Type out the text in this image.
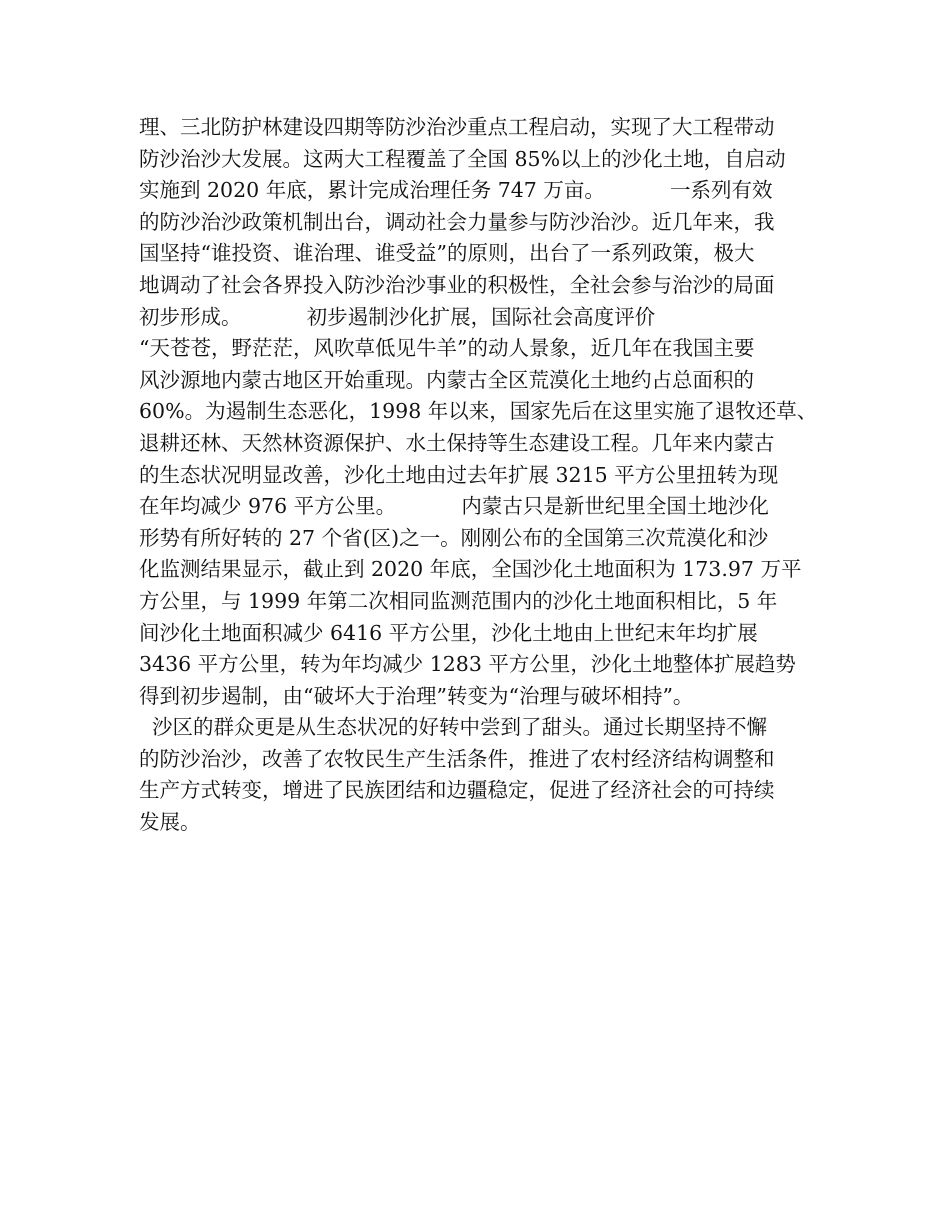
理、三北防护林建设四期等防沙治沙重点工程启动，实现了大工程带动
防沙治沙大发展。这两大工程覆盖了全国 85%以上的沙化土地，自启动
实施到 2020 年底，累计完成治理任务 747 万亩。          一系列有效
的防沙治沙政策机制出台，调动社会力量参与防沙治沙。近几年来，我
国坚持“谁投资、谁治理、谁受益”的原则，出台了一系列政策，极大
地调动了社会各界投入防沙治沙事业的积极性，全社会参与治沙的局面
初步形成。          初步遏制沙化扩展，国际社会高度评价
“天苍苍，野茫茫，风吹草低见牛羊”的动人景象，近几年在我国主要
风沙源地内蒙古地区开始重现。内蒙古全区荒漠化土地约占总面积的
60%。为遏制生态恶化，1998 年以来，国家先后在这里实施了退牧还草、
退耕还林、天然林资源保护、水土保持等生态建设工程。几年来内蒙古
的生态状况明显改善，沙化土地由过去年扩展 3215 平方公里扭转为现
在年均减少 976 平方公里。          内蒙古只是新世纪里全国土地沙化
形势有所好转的 27 个省(区)之一。刚刚公布的全国第三次荒漠化和沙
化监测结果显示，截止到 2020 年底，全国沙化土地面积为 173.97 万平
方公里，与 1999 年第二次相同监测范围内的沙化土地面积相比，5 年
间沙化土地面积减少 6416 平方公里，沙化土地由上世纪末年均扩展
3436 平方公里，转为年均减少 1283 平方公里，沙化土地整体扩展趋势
得到初步遏制，由“破坏大于治理”转变为“治理与破坏相持”。
沙区的群众更是从生态状况的好转中尝到了甜头。通过长期坚持不懈
的防沙治沙，改善了农牧民生产生活条件，推进了农村经济结构调整和
生产方式转变，增进了民族团结和边疆稳定，促进了经济社会的可持续
发展。
